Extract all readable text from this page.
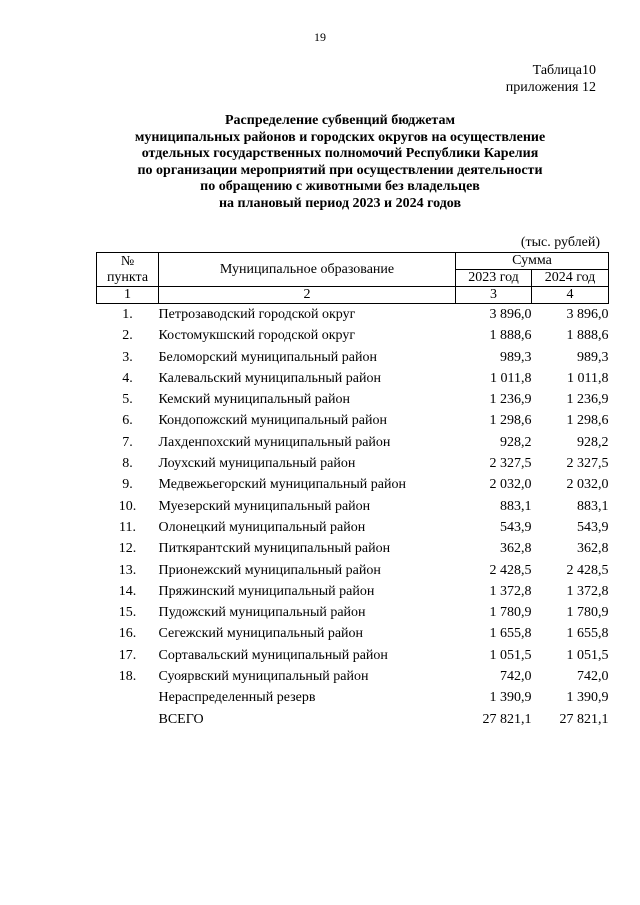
19
Таблица10
приложения 12
Распределение субвенций бюджетам
муниципальных районов и городских округов на осуществление
отдельных государственных полномочий Республики Карелия
по организации мероприятий при осуществлении деятельности
по обращению с животными без владельцев
на плановый период 2023 и 2024 годов
(тыс. рублей)
№
пункта	Муниципальное образование	Сумма	
		2023 год	2024 год
1	2	3	4
1.	Петрозаводский городской округ	3 896,0	3 896,0
2.	Костомукшский городской округ	1 888,6	1 888,6
3.	Беломорский муниципальный район	989,3	989,3
4.	Калевальский муниципальный район	1 011,8	1 011,8
5.	Кемский муниципальный район	1 236,9	1 236,9
6.	Кондопожский муниципальный район	1 298,6	1 298,6
7.	Лахденпохский муниципальный район	928,2	928,2
8.	Лоухский муниципальный район	2 327,5	2 327,5
9.	Медвежьегорский муниципальный район	2 032,0	2 032,0
10.	Муезерский муниципальный район	883,1	883,1
11.	Олонецкий муниципальный район	543,9	543,9
12.	Питкярантский муниципальный район	362,8	362,8
13.	Прионежский муниципальный район	2 428,5	2 428,5
14.	Пряжинский муниципальный район	1 372,8	1 372,8
15.	Пудожский муниципальный район	1 780,9	1 780,9
16.	Сегежский муниципальный район	1 655,8	1 655,8
17.	Сортавальский муниципальный район	1 051,5	1 051,5
18.	Суоярвский муниципальный район	742,0	742,0
	Нераспределенный резерв	1 390,9	1 390,9
	ВСЕГО	27 821,1	27 821,1
